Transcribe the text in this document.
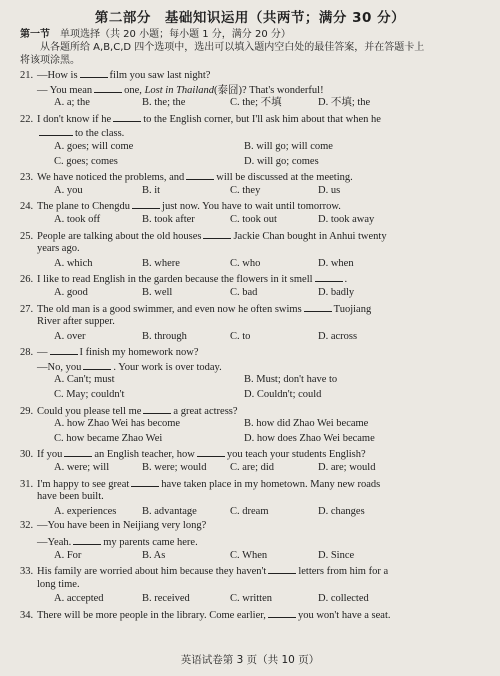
第二部分　基础知识运用（共两节；满分 30 分）
第一节 单项选择（共 20 小题；每小题 1 分，满分 20 分）

从各题所给 A,B,C,D 四个选项中，选出可以填入题内空白处的最佳答案，并在答题卡上

将该项涂黑。

21. —How is	film you saw last night?
— You mean	one, Lost in Thailand(泰囧)? That's wonderful!
A. a; the	B. the; the	C. the; 不填	D. 不填; the
22. I don't know if he	to the English corner, but I'll ask him about that when he
to the class.
A. goes; will come	B. will go; will come
C. goes; comes	D. will go; comes
23. We have noticed the problems, and	will be discussed at the meeting.
A. you	B. it	C. they	D. us
24. The plane to Chengdu	just now. You have to wait until tomorrow.
A. took off	B. took after	C. took out	D. took away
25. People are talking about the old houses	Jackie Chan bought in Anhui twenty
years ago.
A. which	B. where	C. who	D. when
26. I like to read English in the garden because the flowers in it smell	.
A. good	B. well	C. bad	D. badly
27. The old man is a good swimmer, and even now he often swims	Tuojiang
River after supper.
A. over	B. through	C. to	D. across
28. —	I finish my homework now?
—No, you	. Your work is over today.
A. Can't; must	B. Must; don't have to
C. May; couldn't	D. Couldn't; could
29. Could you please tell me	a great actress?
A. how Zhao Wei has become	B. how did Zhao Wei became
C. how became Zhao Wei	D. how does Zhao Wei became
30. If you	an English teacher, how	you teach your students English?
A. were; will	B. were; would	C. are; did	D. are; would
31. I'm happy to see great	have taken place in my hometown. Many new roads
have been built.
A. experiences	B. advantage	C. dream	D. changes
32. —You have been in Neijiang very long?
—Yeah.	my parents came here.
A. For	B. As	C. When	D. Since
33. His family are worried about him because they haven't	letters from him for a
long time.
A. accepted	B. received	C. written	D. collected
34. There will be more people in the library. Come earlier,	you won't have a seat.
英语试卷第 3 页（共 10 页）
